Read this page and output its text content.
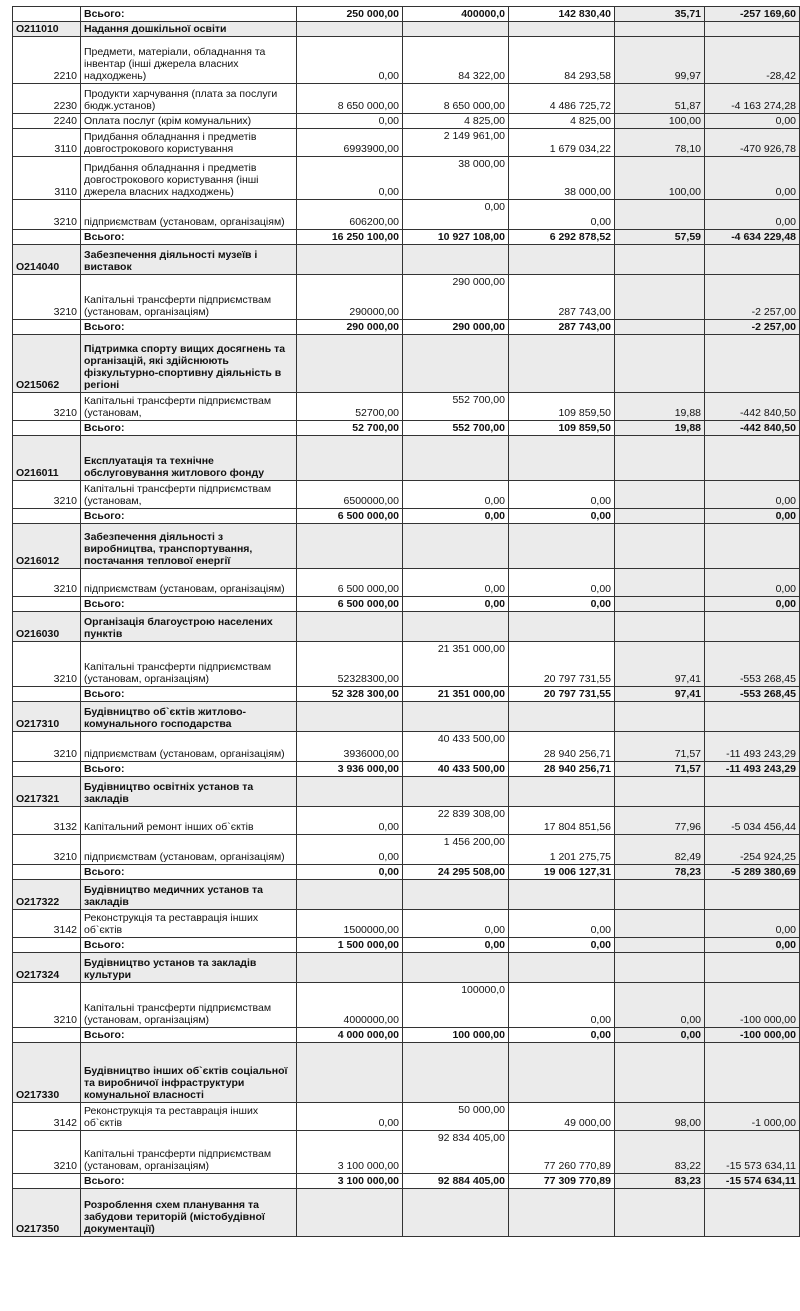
	Всього:	250 000,00	400000,0	142 830,40	35,71	-257 169,60
О211010	Надання дошкільної освіти					
2210	Предмети, матеріали, обладнання та інвентар (інші джерела власних надходжень)	0,00	84 322,00	84 293,58	99,97	-28,42
2230	Продукти харчування (плата за послуги бюдж.установ)	8 650 000,00	8 650 000,00	4 486 725,72	51,87	-4 163 274,28
2240	Оплата послуг (крім комунальних)	0,00	4 825,00	4 825,00	100,00	0,00
3110	Придбання обладнання і предметів довгострокового користування	6993900,00	2 149 961,00	1 679 034,22	78,10	-470 926,78
3110	Придбання обладнання і предметів довгострокового користування (інші джерела власних надходжень)	0,00	38 000,00	38 000,00	100,00	0,00
3210	підприємствам (установам, організаціям)	606200,00	0,00	0,00		0,00
	Всього:	16 250 100,00	10 927 108,00	6 292 878,52	57,59	-4 634 229,48
О214040	Забезпечення діяльності музеїв і виставок					
3210	Капітальні трансферти підприємствам (установам, організаціям)	290000,00	290 000,00	287 743,00		-2 257,00
	Всього:	290 000,00	290 000,00	287 743,00		-2 257,00
О215062	Підтримка спорту вищих досягнень та організацій, які здійснюють фізкультурно-спортивну діяльність в регіоні					
3210	Капітальні трансферти підприємствам (установам,	52700,00	552 700,00	109 859,50	19,88	-442 840,50
	Всього:	52 700,00	552 700,00	109 859,50	19,88	-442 840,50
О216011	Експлуатація та технічне обслуговування житлового фонду					
3210	Капітальні трансферти підприємствам (установам,	6500000,00	0,00	0,00		0,00
	Всього:	6 500 000,00	0,00	0,00		0,00
О216012	Забезпечення діяльності з виробництва, транспортування, постачання теплової енергії					
3210	підприємствам (установам, організаціям)	6 500 000,00	0,00	0,00		0,00
	Всього:	6 500 000,00	0,00	0,00		0,00
О216030	Організація благоустрою населених пунктів					
3210	Капітальні трансферти підприємствам (установам, організаціям)	52328300,00	21 351 000,00	20 797 731,55	97,41	-553 268,45
	Всього:	52 328 300,00	21 351 000,00	20 797 731,55	97,41	-553 268,45
О217310	Будівництво об`єктів житлово-комунального господарства					
3210	підприємствам (установам, організаціям)	3936000,00	40 433 500,00	28 940 256,71	71,57	-11 493 243,29
	Всього:	3 936 000,00	40 433 500,00	28 940 256,71	71,57	-11 493 243,29
О217321	Будівництво освітніх установ та закладів					
3132	Капітальний ремонт інших об`єктів	0,00	22 839 308,00	17 804 851,56	77,96	-5 034 456,44
3210	підприємствам (установам, організаціям)	0,00	1 456 200,00	1 201 275,75	82,49	-254 924,25
	Всього:	0,00	24 295 508,00	19 006 127,31	78,23	-5 289 380,69
О217322	Будівництво медичних установ та закладів					
3142	Реконструкція та реставрація інших об`єктів	1500000,00	0,00	0,00		0,00
	Всього:	1 500 000,00	0,00	0,00		0,00
О217324	Будівництво установ та закладів культури					
3210	Капітальні трансферти підприємствам (установам, організаціям)	4000000,00	100000,0	0,00	0,00	-100 000,00
	Всього:	4 000 000,00	100 000,00	0,00	0,00	-100 000,00
О217330	Будівництво інших об`єктів соціальної та виробничої інфраструктури комунальної власності					
3142	Реконструкція та реставрація інших об`єктів	0,00	50 000,00	49 000,00	98,00	-1 000,00
3210	Капітальні трансферти підприємствам (установам, організаціям)	3 100 000,00	92 834 405,00	77 260 770,89	83,22	-15 573 634,11
	Всього:	3 100 000,00	92 884 405,00	77 309 770,89	83,23	-15 574 634,11
О217350	Розроблення схем планування та забудови територій (містобудівної документації)					
